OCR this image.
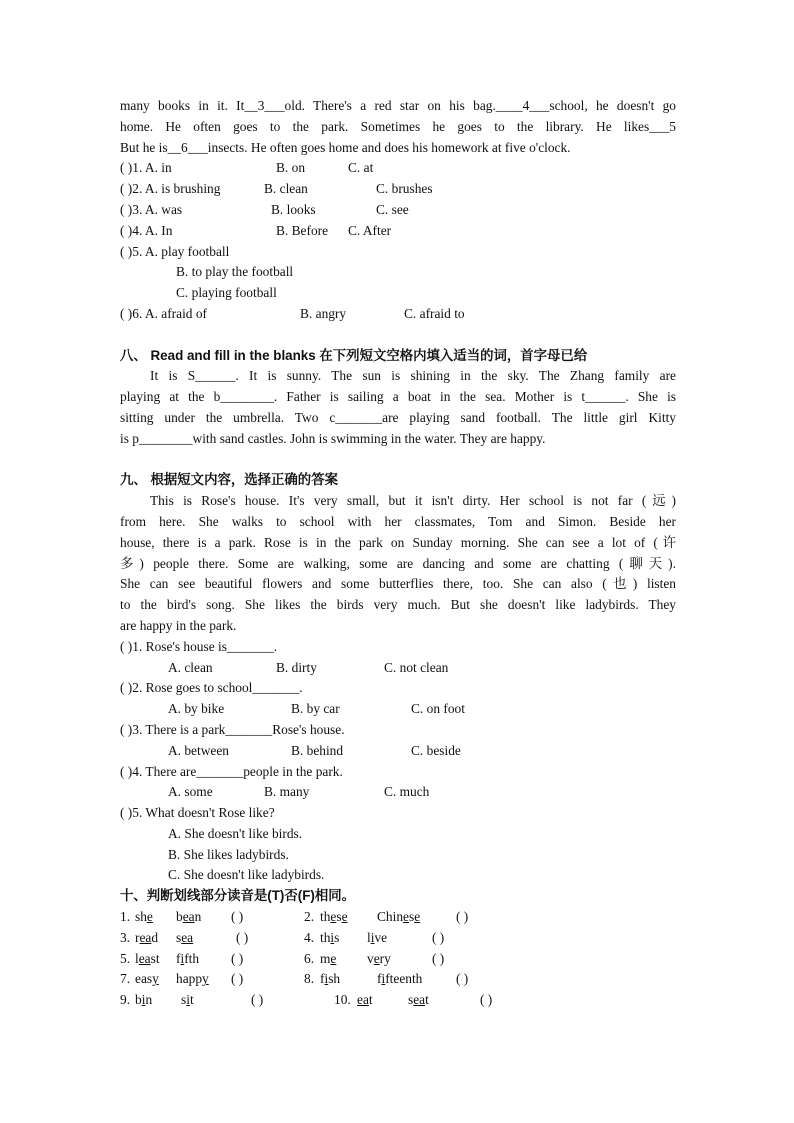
many books in it. It__3___old. There's a red star on his bag.____4___school, he doesn't go
home. He often goes to the park. Sometimes he goes to the library. He likes___5
But he is__6___insects. He often goes home and does his homework at five o'clock.
( )1. A. in	B. on	C. at
( )2. A. is brushing	B. clean	C. brushes
( )3. A. was	B. looks	C. see
( )4. A. In	B. Before C. After
( )5. A. play football
B. to play the football
C. playing football
( )6. A. afraid of	B. angry	C. afraid to
八、 Read and fill in the blanks 在下列短文空格内填入适当的词，首字母已给
It is S______. It is sunny. The sun is shining in the sky. The Zhang family are
playing at the b________. Father is sailing a boat in the sea. Mother is t______. She is
sitting under the umbrella. Two c_______are playing sand football. The little girl Kitty
is p________with sand castles. John is swimming in the water. They are happy.
九、 根据短文内容，选择正确的答案
This is Rose's house. It's very small, but it isn't dirty. Her school is not far (远)
from here. She walks to school with her classmates, Tom and Simon. Beside her
house, there is a park. Rose is in the park on Sunday morning. She can see a lot of (许
多) people there. Some are walking, some are dancing and some are chatting (聊天).
She can see beautiful flowers and some butterflies there, too. She can also (也) listen
to the bird's song. She likes the birds very much. But she doesn't like ladybirds. They
are happy in the park.
( )1. Rose's house is_______.
A. clean	B. dirty	C. not clean
( )2. Rose goes to school_______.
A. by bike	B. by car	C. on foot
( )3. There is a park_______Rose's house.
A. between	B. behind	C. beside
( )4. There are_______people in the park.
A. some	B. many	C. much
( )5. What doesn't Rose like?
A. She doesn't like birds.
B. She likes ladybirds.
C. She doesn't like ladybirds.
十、判断划线部分读音是(T)否(F)相同。
1. she bean ( )	2. these Chinese	( )
3. read sea	( )	4. this live	( )
5. least fifth ( )	6. me very	( )
7. easy happy ( )	8. fish	fifteenth	( )
9. bin sit	( )	10. eat	seat	( )
